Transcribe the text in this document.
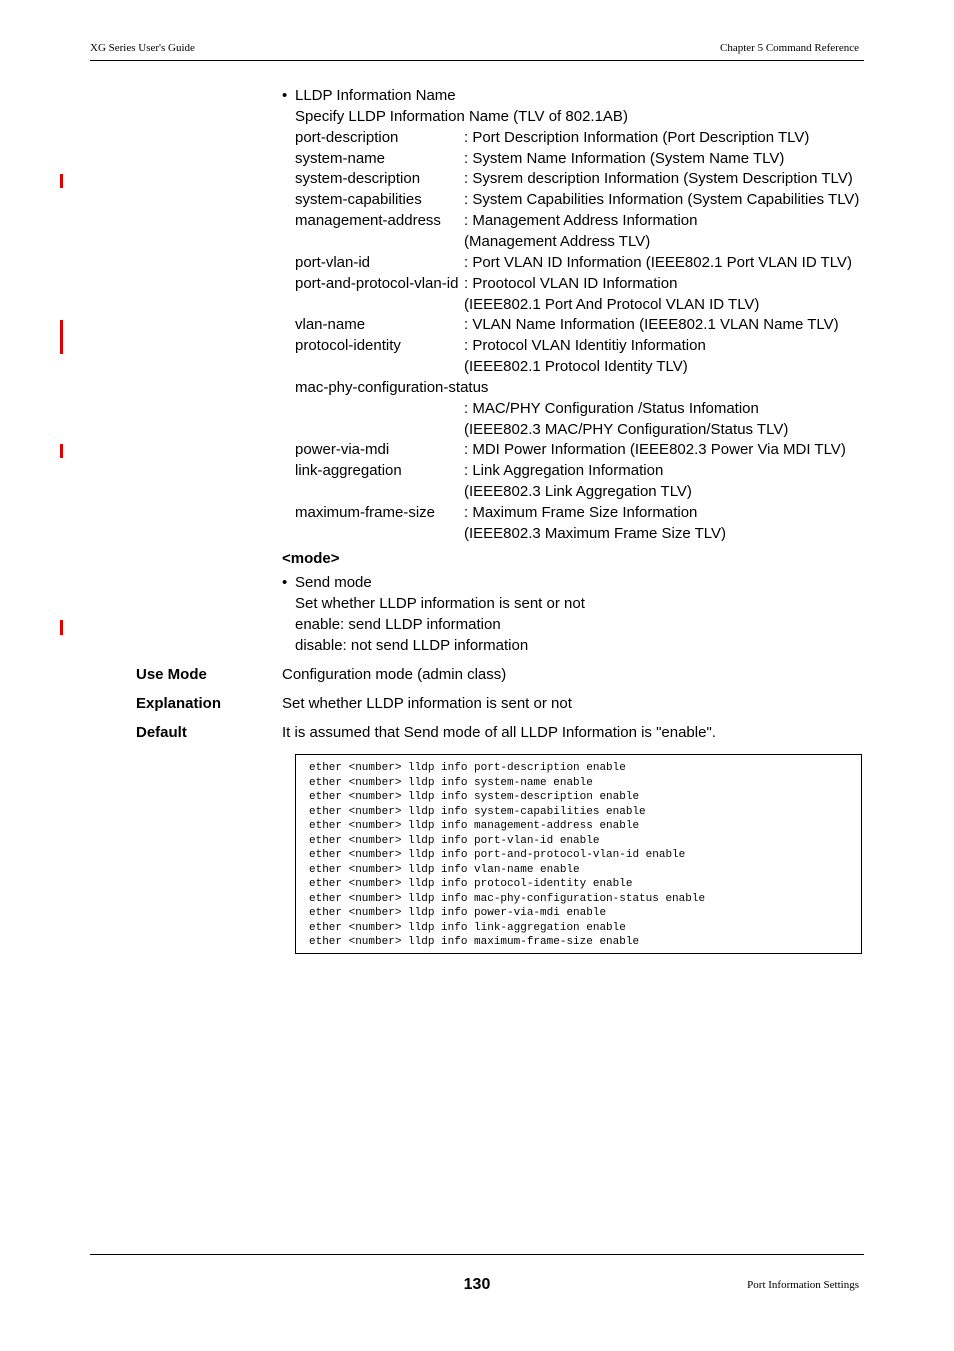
XG Series User's Guide	Chapter 5 Command Reference
• LLDP Information Name
Specify LLDP Information Name (TLV of 802.1AB)
port-description	: Port Description Information (Port Description TLV)
system-name	: System Name Information (System Name TLV)
system-description	: Sysrem description Information (System Description TLV)
system-capabilities	: System Capabilities Information (System Capabilities TLV)
management-address : Management Address Information
(Management Address TLV)
port-vlan-id	: Port VLAN ID Information (IEEE802.1 Port VLAN ID TLV)
port-and-protocol-vlan-id : Prootocol VLAN ID Information
(IEEE802.1 Port And Protocol VLAN ID TLV)
vlan-name	: VLAN Name Information (IEEE802.1 VLAN Name TLV)
protocol-identity	: Protocol VLAN Identitiy Information
(IEEE802.1 Protocol Identity TLV)
mac-phy-configuration-status
: MAC/PHY Configuration /Status Infomation
(IEEE802.3 MAC/PHY Configuration/Status TLV)
power-via-mdi	: MDI Power Information (IEEE802.3 Power Via MDI TLV)
link-aggregation	: Link Aggregation Information
(IEEE802.3 Link Aggregation TLV)
maximum-frame-size : Maximum Frame Size Information
(IEEE802.3 Maximum Frame Size TLV)
<mode>
• Send mode
Set whether LLDP information is sent or not
enable: send LLDP information
disable: not send LLDP information
Use Mode	Configuration mode (admin class)
Explanation	Set whether LLDP information is sent or not
Default	It is assumed that Send mode of all LLDP Information is "enable".
ether <number> lldp info port-description enable
ether <number> lldp info system-name enable
ether <number> lldp info system-description enable
ether <number> lldp info system-capabilities enable
ether <number> lldp info management-address enable
ether <number> lldp info port-vlan-id enable
ether <number> lldp info port-and-protocol-vlan-id enable
ether <number> lldp info vlan-name enable
ether <number> lldp info protocol-identity enable
ether <number> lldp info mac-phy-configuration-status enable
ether <number> lldp info power-via-mdi enable
ether <number> lldp info link-aggregation enable
ether <number> lldp info maximum-frame-size enable
130	Port Information Settings
